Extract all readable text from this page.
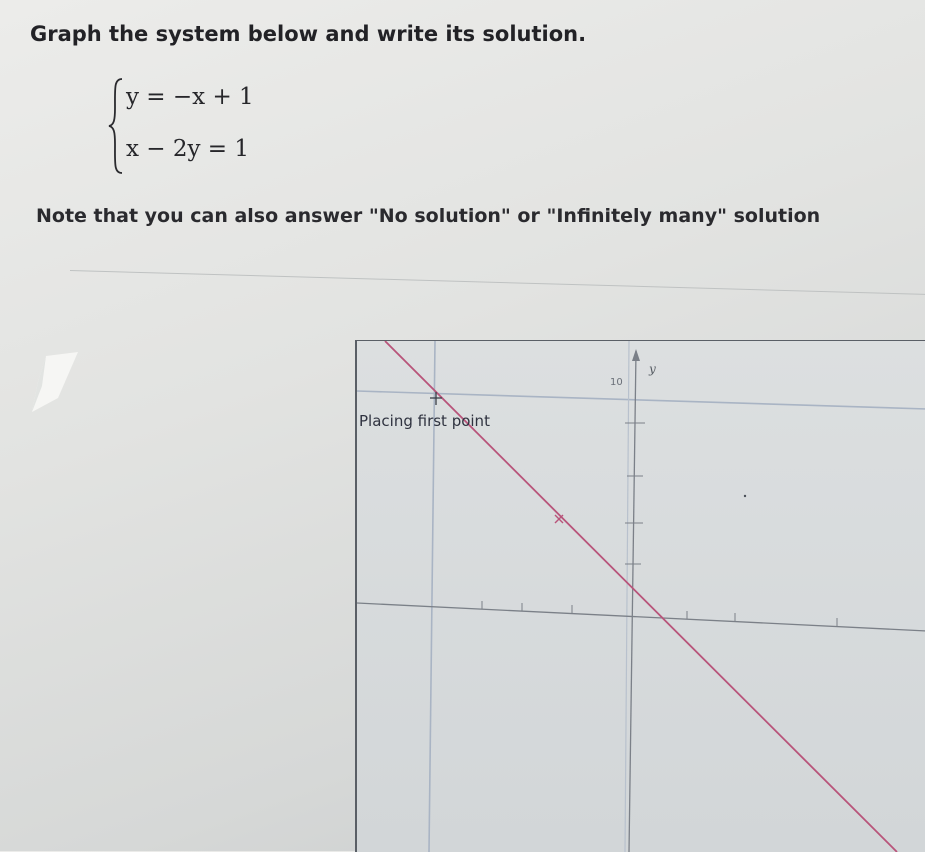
Graph the system below and write its solution.
y = −x + 1
x − 2y = 1

Note that you can also answer "No solution" or "Infinitely many" solution

y
10
Placing first point
